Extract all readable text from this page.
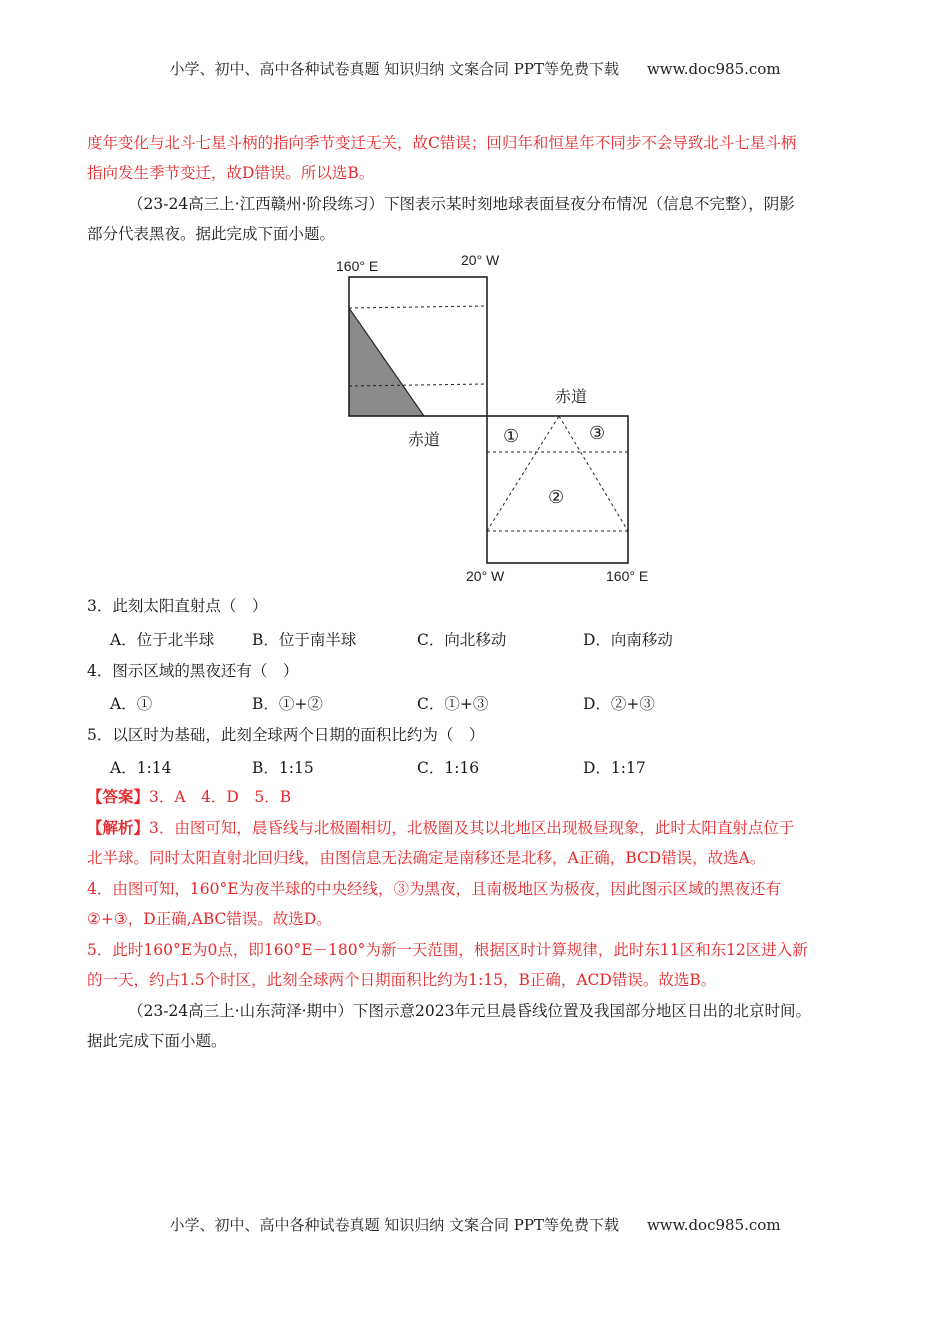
小学、初中、高中各种试卷真题 知识归纳 文案合同 PPT等免费下载 www.doc985.com
度年变化与北斗七星斗柄的指向季节变迁无关，故C错误；回归年和恒星年不同步不会导致北斗七星斗柄
指向发生季节变迁，故D错误。所以选B。
（23-24高三上·江西赣州·阶段练习）下图表示某时刻地球表面昼夜分布情况（信息不完整），阴影
部分代表黑夜。据此完成下面小题。
160° E	20° W
赤道
赤道	①
②
③
20° W	160° E
3．此刻太阳直射点（　）
A．位于北半球 B．位于南半球	C．向北移动	D．向南移动
4．图示区域的黑夜还有（　）
A．①	B．①+②	C．①+③	D．②+③
5．以区时为基础，此刻全球两个日期的面积比约为（　）
A．1:14	B．1:15	C．1:16	D．1:17
【答案】3．A　4．D　5．B
【解析】3．由图可知，晨昏线与北极圈相切，北极圈及其以北地区出现极昼现象，此时太阳直射点位于
北半球。同时太阳直射北回归线，由图信息无法确定是南移还是北移，A正确，BCD错误，故选A。
4．由图可知，160°E为夜半球的中央经线，③为黑夜，且南极地区为极夜，因此图示区域的黑夜还有
②+③，D正确,ABC错误。故选D。
5．此时160°E为0点，即160°E－180°为新一天范围，根据区时计算规律，此时东11区和东12区进入新
的一天，约占1.5个时区，此刻全球两个日期面积比约为1:15，B正确，ACD错误。故选B。
（23-24高三上·山东菏泽·期中）下图示意2023年元旦晨昏线位置及我国部分地区日出的北京时间。
据此完成下面小题。
小学、初中、高中各种试卷真题 知识归纳 文案合同 PPT等免费下载 www.doc985.com
